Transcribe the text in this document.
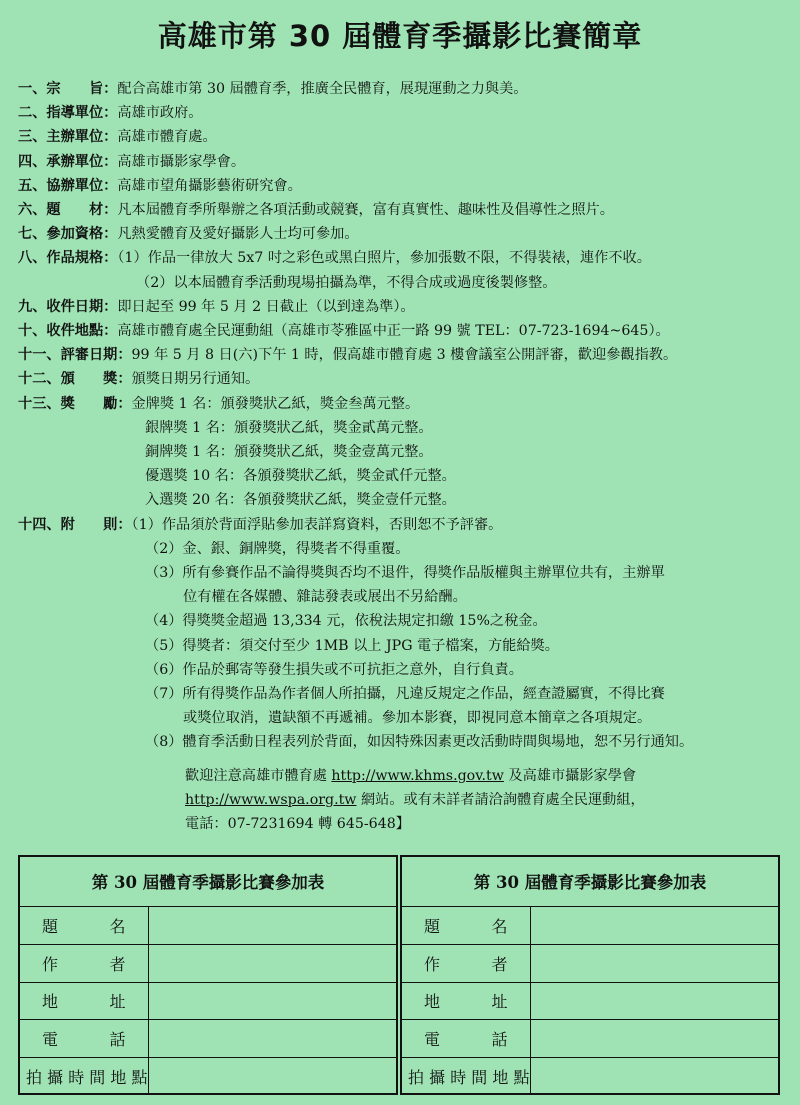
高雄市第 30 屆體育季攝影比賽簡章
一、宗　　旨：配合高雄市第 30 屆體育季，推廣全民體育，展現運動之力與美。
二、指導單位：高雄市政府。
三、主辦單位：高雄市體育處。
四、承辦單位：高雄市攝影家學會。
五、協辦單位：高雄市望角攝影藝術研究會。
六、題　　材：凡本屆體育季所舉辦之各項活動或競賽，富有真實性、趣味性及倡導性之照片。
七、參加資格：凡熱愛體育及愛好攝影人士均可參加。
八、作品規格：（1）作品一律放大 5x7 吋之彩色或黑白照片，參加張數不限，不得裝裱，連作不收。
（2）以本屆體育季活動現場拍攝為準，不得合成或過度後製修整。
九、收件日期：即日起至 99 年 5 月 2 日截止（以到達為準）。
十、收件地點：高雄市體育處全民運動組（高雄市苓雅區中正一路 99 號 TEL：07-723-1694~645）。
十一、評審日期：99 年 5 月 8 日(六)下午 1 時，假高雄市體育處 3 樓會議室公開評審，歡迎參觀指教。
十二、頒　　獎：頒獎日期另行通知。
十三、獎　　勵：金牌獎 1 名：頒發獎狀乙紙，獎金叁萬元整。
銀牌獎 1 名：頒發獎狀乙紙，獎金貳萬元整。
銅牌獎 1 名：頒發獎狀乙紙，獎金壹萬元整。
優選獎 10 名：各頒發獎狀乙紙，獎金貳仟元整。
入選獎 20 名：各頒發獎狀乙紙，獎金壹仟元整。
十四、附　　則：（1）作品須於背面浮貼參加表詳寫資料，否則恕不予評審。
（2）金、銀、銅牌獎，得獎者不得重覆。
（3）所有參賽作品不論得獎與否均不退件，得獎作品版權與主辦單位共有，主辦單
位有權在各媒體、雜誌發表或展出不另給酬。
（4）得獎獎金超過 13,334 元，依稅法規定扣繳 15%之稅金。
（5）得獎者：須交付至少 1MB 以上 JPG 電子檔案，方能給獎。
（6）作品於郵寄等發生損失或不可抗拒之意外，自行負責。
（7）所有得獎作品為作者個人所拍攝，凡違反規定之作品，經查證屬實，不得比賽
或獎位取消，遺缺額不再遞補。參加本影賽，即視同意本簡章之各項規定。
（8）體育季活動日程表列於背面，如因特殊因素更改活動時間與場地，恕不另行通知。
歡迎注意高雄市體育處 http://www.khms.gov.tw 及高雄市攝影家學會
http://www.wspa.org.tw 網站。或有未詳者請洽詢體育處全民運動組，
電話：07-7231694 轉 645-648】
第 30 屆體育季攝影比賽參加表
題　　名	
作　　者	
地　　址	
電　　話	
拍攝時間地點	
第 30 屆體育季攝影比賽參加表
題　　名	
作　　者	
地　　址	
電　　話	
拍攝時間地點	
